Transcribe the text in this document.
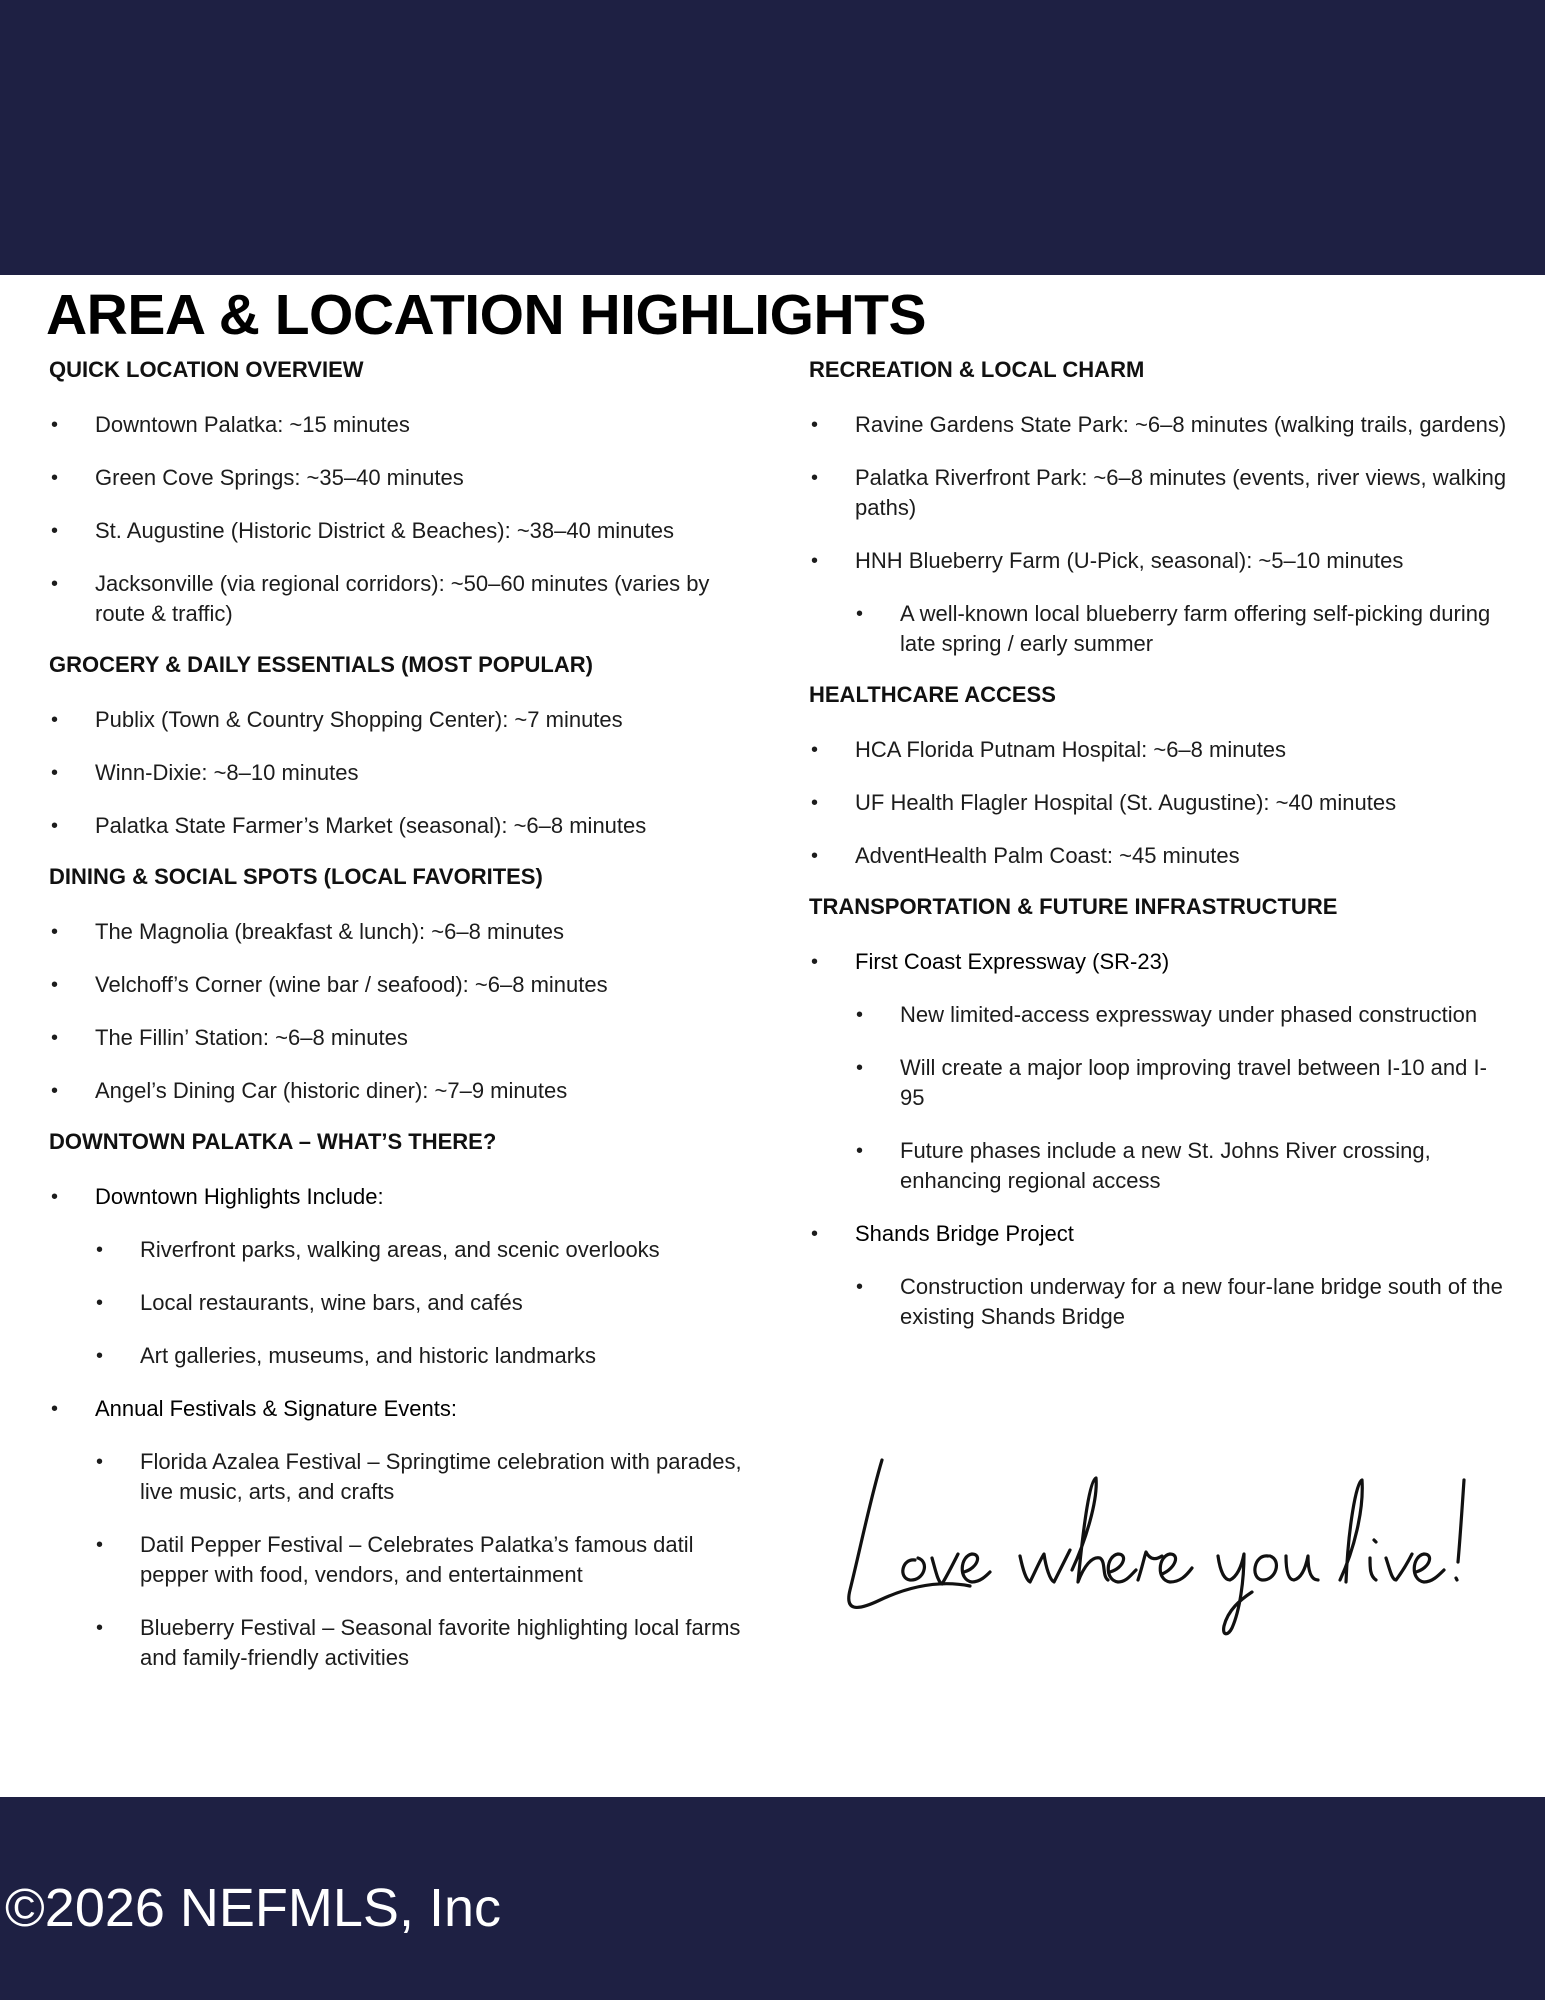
AREA & LOCATION HIGHLIGHTS
QUICK LOCATION OVERVIEW
• Downtown Palatka: ~15 minutes
• Green Cove Springs: ~35–40 minutes
• St. Augustine (Historic District & Beaches): ~38–40 minutes
• Jacksonville (via regional corridors): ~50–60 minutes (varies by route & traffic)
GROCERY & DAILY ESSENTIALS (MOST POPULAR)
• Publix (Town & Country Shopping Center): ~7 minutes
• Winn-Dixie: ~8–10 minutes
• Palatka State Farmer’s Market (seasonal): ~6–8 minutes
DINING & SOCIAL SPOTS (LOCAL FAVORITES)
• The Magnolia (breakfast & lunch): ~6–8 minutes
• Velchoff’s Corner (wine bar / seafood): ~6–8 minutes
• The Fillin’ Station: ~6–8 minutes
• Angel’s Dining Car (historic diner): ~7–9 minutes
DOWNTOWN PALATKA – WHAT’S THERE?
• Downtown Highlights Include:
• Riverfront parks, walking areas, and scenic overlooks
• Local restaurants, wine bars, and cafés
• Art galleries, museums, and historic landmarks
• Annual Festivals & Signature Events:
• Florida Azalea Festival – Springtime celebration with parades, live music, arts, and crafts
• Datil Pepper Festival – Celebrates Palatka’s famous datil pepper with food, vendors, and entertainment
• Blueberry Festival – Seasonal favorite highlighting local farms and family-friendly activities
RECREATION & LOCAL CHARM
• Ravine Gardens State Park: ~6–8 minutes (walking trails, gardens)
• Palatka Riverfront Park: ~6–8 minutes (events, river views, walking paths)
• HNH Blueberry Farm (U-Pick, seasonal): ~5–10 minutes
• A well-known local blueberry farm offering self-picking during late spring / early summer
HEALTHCARE ACCESS
• HCA Florida Putnam Hospital: ~6–8 minutes
• UF Health Flagler Hospital (St. Augustine): ~40 minutes
• AdventHealth Palm Coast: ~45 minutes
TRANSPORTATION & FUTURE INFRASTRUCTURE
• First Coast Expressway (SR-23)
• New limited-access expressway under phased construction
• Will create a major loop improving travel between I-10 and I-95
• Future phases include a new St. Johns River crossing, enhancing regional access
• Shands Bridge Project
• Construction underway for a new four-lane bridge south of the existing Shands Bridge
©2026 NEFMLS, Inc
